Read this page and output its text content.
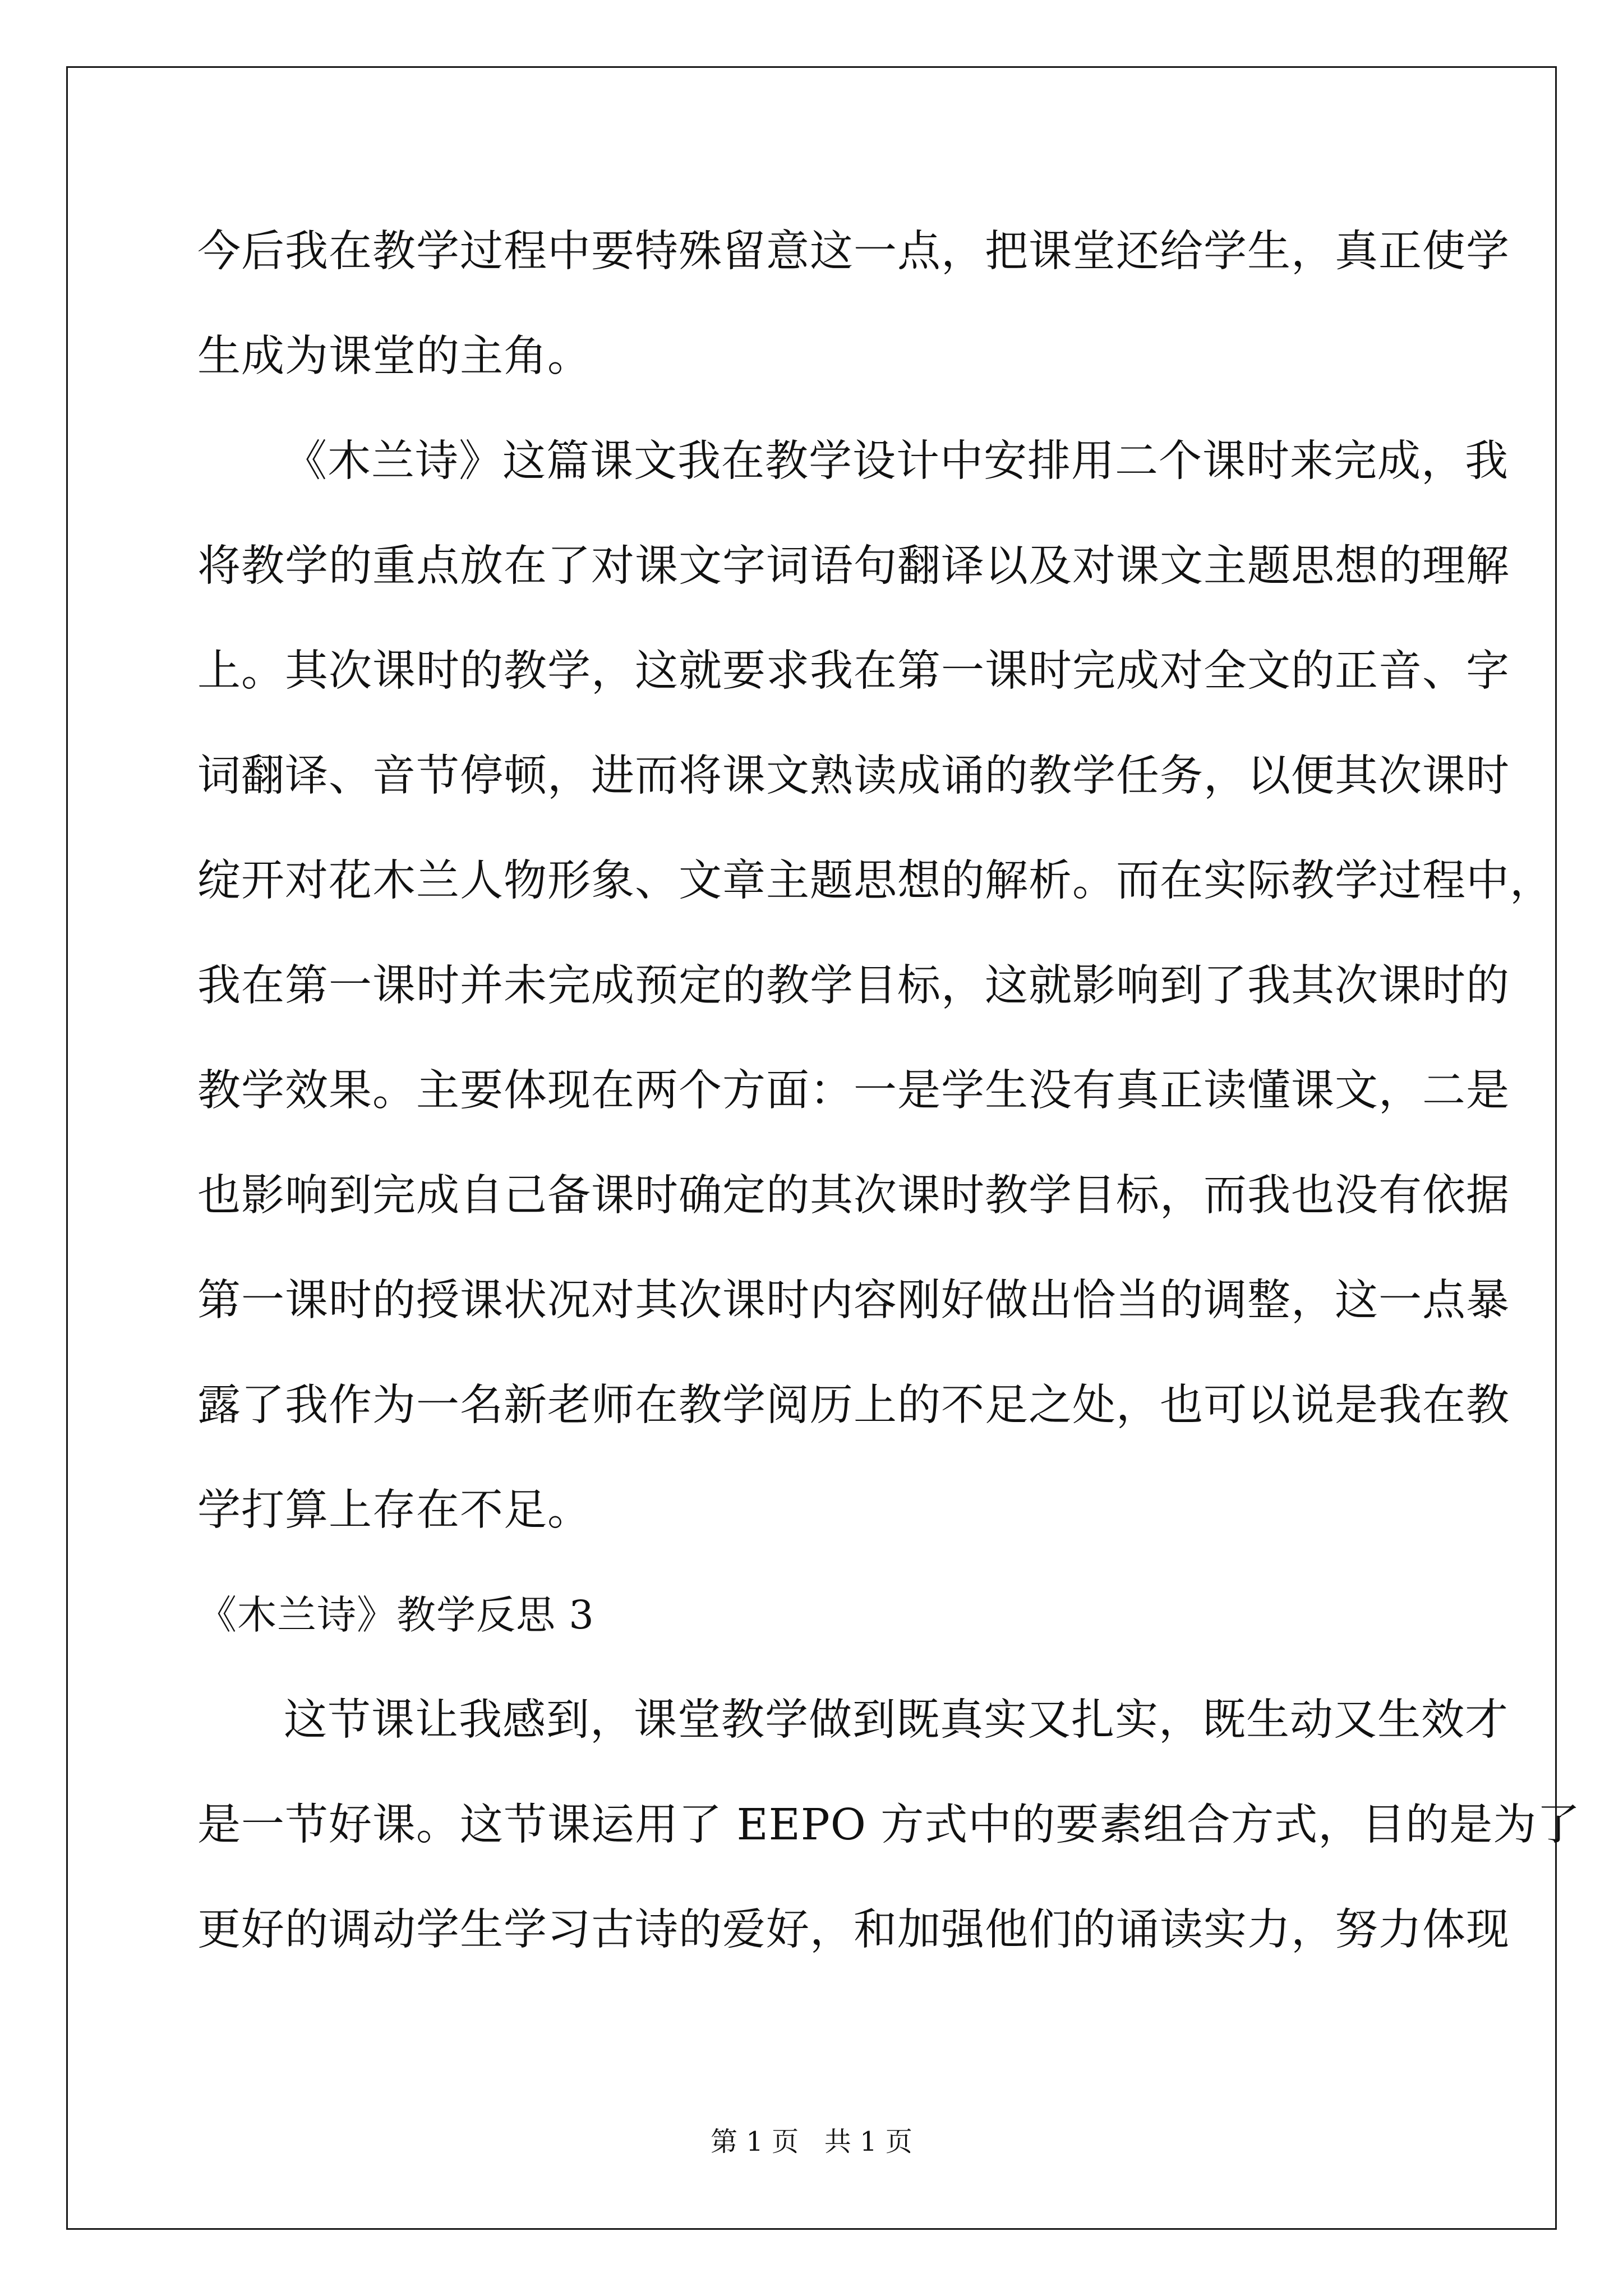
今后我在教学过程中要特殊留意这一点，把课堂还给学生，真正使学
生成为课堂的主角。
《木兰诗》这篇课文我在教学设计中安排用二个课时来完成，我
将教学的重点放在了对课文字词语句翻译以及对课文主题思想的理解
上。其次课时的教学，这就要求我在第一课时完成对全文的正音、字
词翻译、音节停顿，进而将课文熟读成诵的教学任务，以便其次课时
绽开对花木兰人物形象、文章主题思想的解析。而在实际教学过程中，
我在第一课时并未完成预定的教学目标，这就影响到了我其次课时的
教学效果。主要体现在两个方面：一是学生没有真正读懂课文，二是
也影响到完成自己备课时确定的其次课时教学目标，而我也没有依据
第一课时的授课状况对其次课时内容刚好做出恰当的调整，这一点暴
露了我作为一名新老师在教学阅历上的不足之处，也可以说是我在教
学打算上存在不足。
《木兰诗》教学反思 3
这节课让我感到，课堂教学做到既真实又扎实，既生动又生效才
是一节好课。这节课运用了 EEPO 方式中的要素组合方式，目的是为了
更好的调动学生学习古诗的爱好，和加强他们的诵读实力，努力体现
第 1 页   共 1 页
